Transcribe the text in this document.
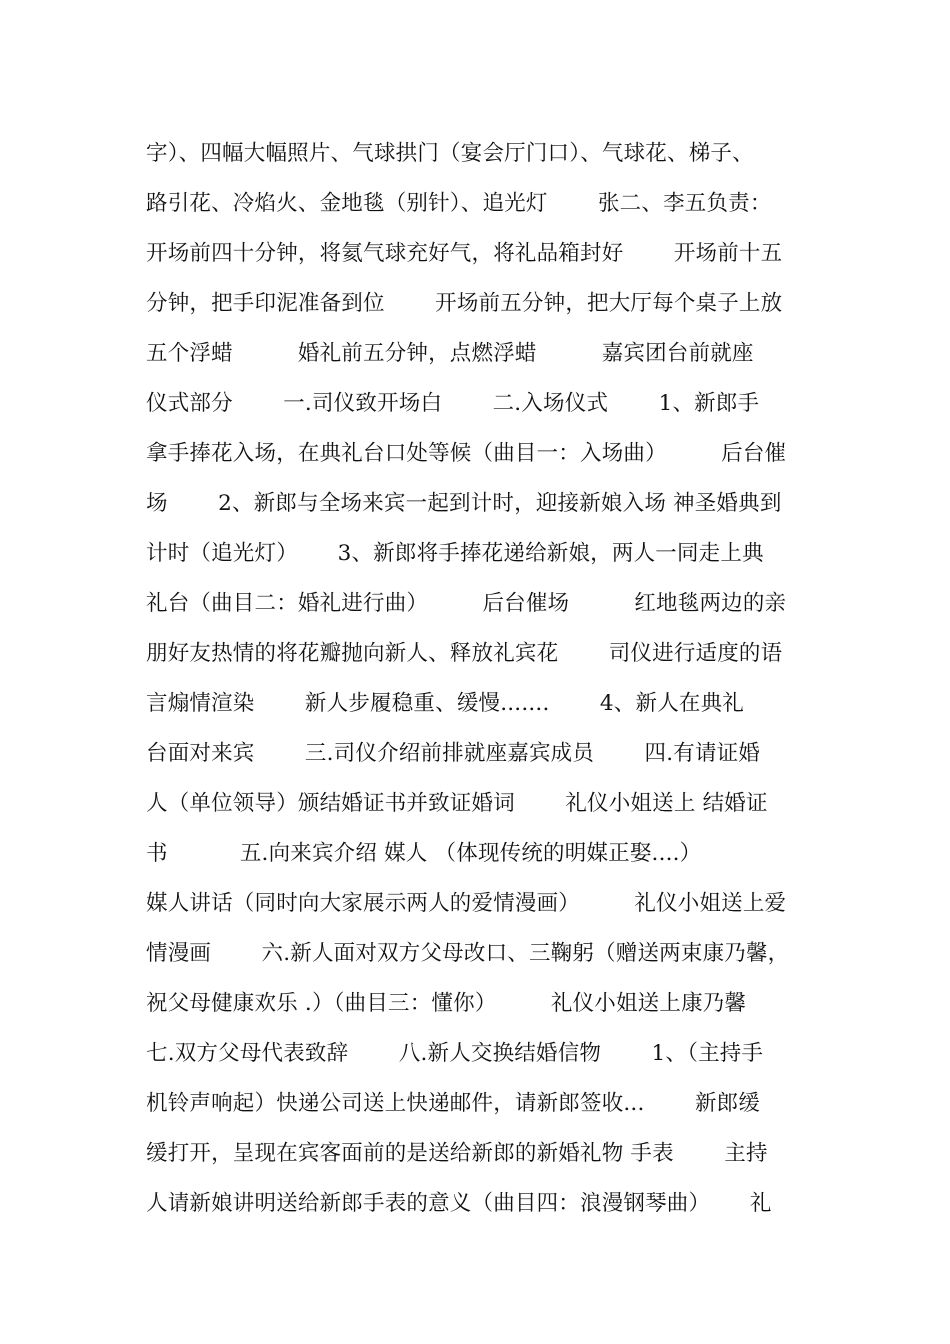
字）、四幅大幅照片、气球拱门（宴会厅门口）、气球花、梯子、
路引花、冷焰火、金地毯（别针）、追光灯　　 张二、李五负责：
开场前四十分钟，将氦气球充好气，将礼品箱封好　　 开场前十五
分钟，把手印泥准备到位　　 开场前五分钟，把大厅每个桌子上放
五个浮蜡　　　婚礼前五分钟，点燃浮蜡　　　嘉宾团台前就座
仪式部分　　 一.司仪致开场白　　 二.入场仪式　　 1、新郎手
拿手捧花入场，在典礼台口处等候（曲目一：入场曲）　　　后台催
场　　 2、新郎与全场来宾一起到计时，迎接新娘入场 神圣婚典到
计时（追光灯）　　 3、新郎将手捧花递给新娘，两人一同走上典
礼台（曲目二：婚礼进行曲）　　　后台催场　　　红地毯两边的亲
朋好友热情的将花瓣抛向新人、释放礼宾花　　 司仪进行适度的语
言煽情渲染　　 新人步履稳重、缓慢.......　　 4、新人在典礼
台面对来宾　　 三.司仪介绍前排就座嘉宾成员　　 四.有请证婚
人（单位领导）颁结婚证书并致证婚词　　 礼仪小姐送上 结婚证
书　　　 五.向来宾介绍 媒人 （体现传统的明媒正娶....）
媒人讲话（同时向大家展示两人的爱情漫画）　　　礼仪小姐送上爱
情漫画　　 六.新人面对双方父母改口、三鞠躬（赠送两束康乃馨，
祝父母健康欢乐 .）（曲目三：懂你）　　　礼仪小姐送上康乃馨
七.双方父母代表致辞　　 八.新人交换结婚信物　　 1、（主持手
机铃声响起）快递公司送上快递邮件，请新郎签收...　　 新郎缓
缓打开，呈现在宾客面前的是送给新郎的新婚礼物 手表　　 主持
人请新娘讲明送给新郎手表的意义（曲目四：浪漫钢琴曲）　　 礼
